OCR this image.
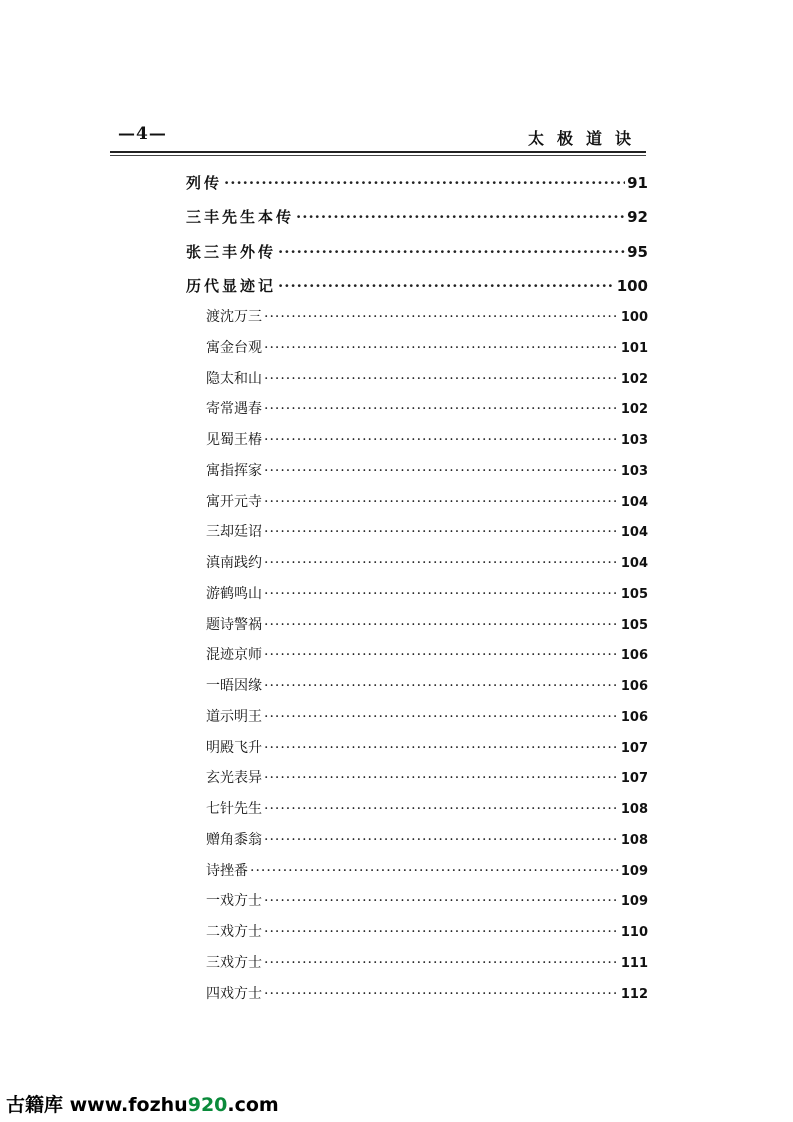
—4—	太极道诀
列传 ·····	91
三丰先生本传 ·····	92
张三丰外传 ·····	95
历代显迹记 ·····	100
渡沈万三 ·····	100
寓金台观 ·····	101
隐太和山 ·····	102
寄常遇春 ·····	102
见蜀王椿 ·····	103
寓指挥家 ·····	103
寓开元寺 ·····	104
三却廷诏 ·····	104
滇南践约 ·····	104
游鹤鸣山 ·····	105
题诗警祸 ·····	105
混迹京师 ·····	106
一晤因缘 ·····	106
道示明王 ·····	106
明殿飞升 ·····	107
玄光表异 ·····	107
七针先生 ·····	108
赠角黍翁 ·····	108
诗挫番 ·····	109
一戏方士 ·····	109
二戏方士 ·····	110
三戏方士 ·····	111
四戏方士 ·····	112
古籍库 www.fozhu920.com
